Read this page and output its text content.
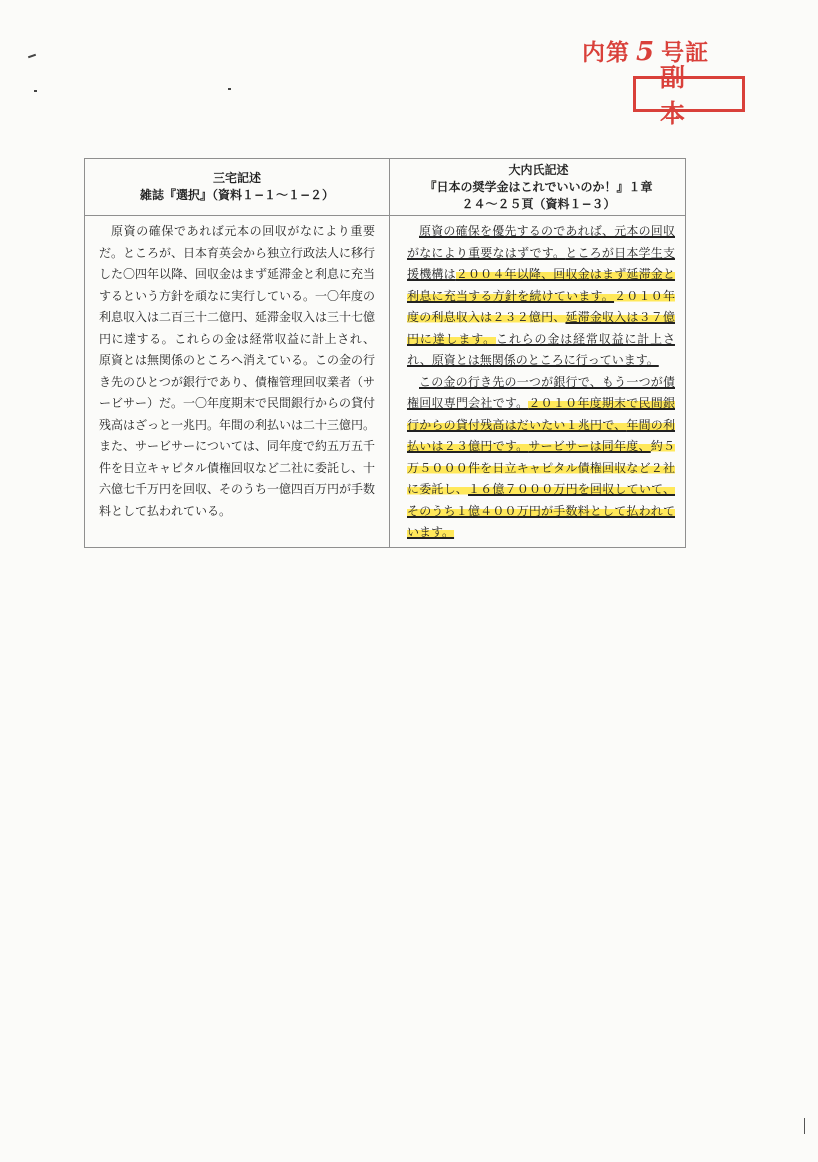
内第 5 号証
副本
三宅記述
雑誌『選択』（資料１−１〜１−２）
大内氏記述
『日本の奨学金はこれでいいのか！』１章
２４〜２５頁（資料１−３）

原資の確保であれば元本の回収がなにより重要だ。ところが、日本育英会から独立行政法人に移行した〇四年以降、回収金はまず延滞金と利息に充当するという方針を頑なに実行している。一〇年度の利息収入は二百三十二億円、延滞金収入は三十七億円に達する。これらの金は経常収益に計上され、原資とは無関係のところへ消えている。この金の行き先のひとつが銀行であり、債権管理回収業者（サービサー）だ。一〇年度期末で民間銀行からの貸付残高はざっと一兆円。年間の利払いは二十三億円。また、サービサーについては、同年度で約五万五千件を日立キャピタル債権回収など二社に委託し、十六億七千万円を回収、そのうち一億四百万円が手数料として払われている。

原資の確保を優先するのであれば、元本の回収がなにより重要なはずです。ところが日本学生支援機構は２００４年以降、回収金はまず延滞金と利息に充当する方針を続けています。２０１０年度の利息収入は２３２億円、延滞金収入は３７億円に達します。これらの金は経常収益に計上され、原資とは無関係のところに行っています。

この金の行き先の一つが銀行で、もう一つが債権回収専門会社です。２０１０年度期末で民間銀行からの貸付残高はだいたい１兆円で、年間の利払いは２３億円です。サービサーは同年度、約５万５０００件を日立キャピタル債権回収など２社に委託し、１６億７０００万円を回収していて、そのうち１億４００万円が手数料として払われています。
